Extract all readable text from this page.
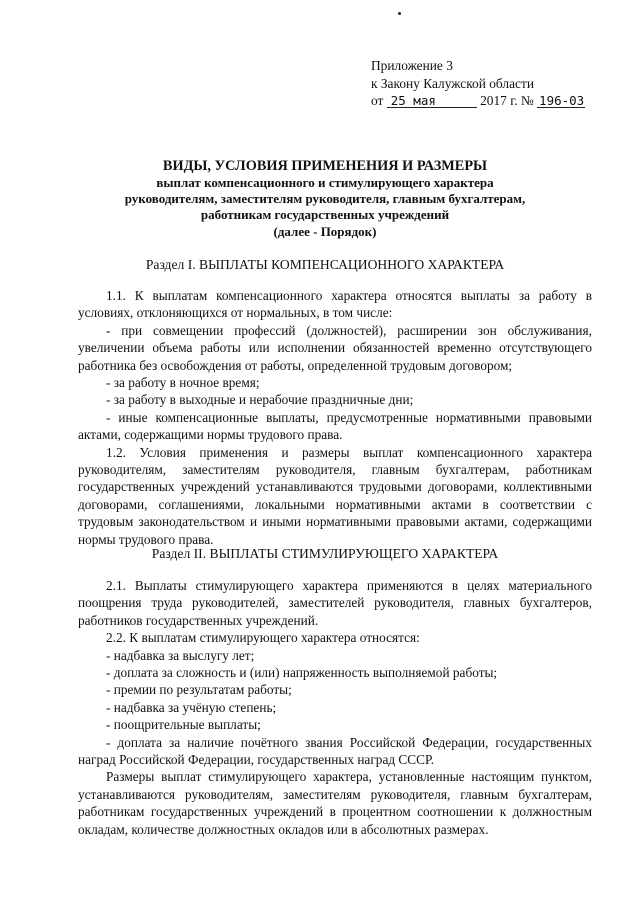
Приложение 3
к Закону Калужской области
от 25 мая	2017 г. № 196-03
ВИДЫ, УСЛОВИЯ ПРИМЕНЕНИЯ И РАЗМЕРЫ
выплат компенсационного и стимулирующего характера
руководителям, заместителям руководителя, главным бухгалтерам,
работникам государственных учреждений
(далее - Порядок)
Раздел I. ВЫПЛАТЫ КОМПЕНСАЦИОННОГО ХАРАКТЕРА

1.1. К выплатам компенсационного характера относятся выплаты за работу в условиях, отклоняющихся от нормальных, в том числе:

- при совмещении профессий (должностей), расширении зон обслуживания, увеличении объема работы или исполнении обязанностей временно отсутствующего работника без освобождения от работы, определенной трудовым договором;

- за работу в ночное время;

- за работу в выходные и нерабочие праздничные дни;

- иные компенсационные выплаты, предусмотренные нормативными правовыми актами, содержащими нормы трудового права.

1.2. Условия применения и размеры выплат компенсационного характера руководителям, заместителям руководителя, главным бухгалтерам, работникам государственных учреждений устанавливаются трудовыми договорами, коллективными договорами, соглашениями, локальными нормативными актами в соответствии с трудовым законодательством и иными нормативными правовыми актами, содержащими нормы трудового права.

Раздел II. ВЫПЛАТЫ СТИМУЛИРУЮЩЕГО ХАРАКТЕРА

2.1. Выплаты стимулирующего характера применяются в целях материального поощрения труда руководителей, заместителей руководителя, главных бухгалтеров, работников государственных учреждений.

2.2. К выплатам стимулирующего характера относятся:

- надбавка за выслугу лет;

- доплата за сложность и (или) напряженность выполняемой работы;

- премии по результатам работы;

- надбавка за учёную степень;

- поощрительные выплаты;

- доплата за наличие почётного звания Российской Федерации, государственных наград Российской Федерации, государственных наград СССР.

Размеры выплат стимулирующего характера, установленные настоящим пунктом, устанавливаются руководителям, заместителям руководителя, главным бухгалтерам, работникам государственных учреждений в процентном соотношении к должностным окладам, количестве должностных окладов или в абсолютных размерах.
